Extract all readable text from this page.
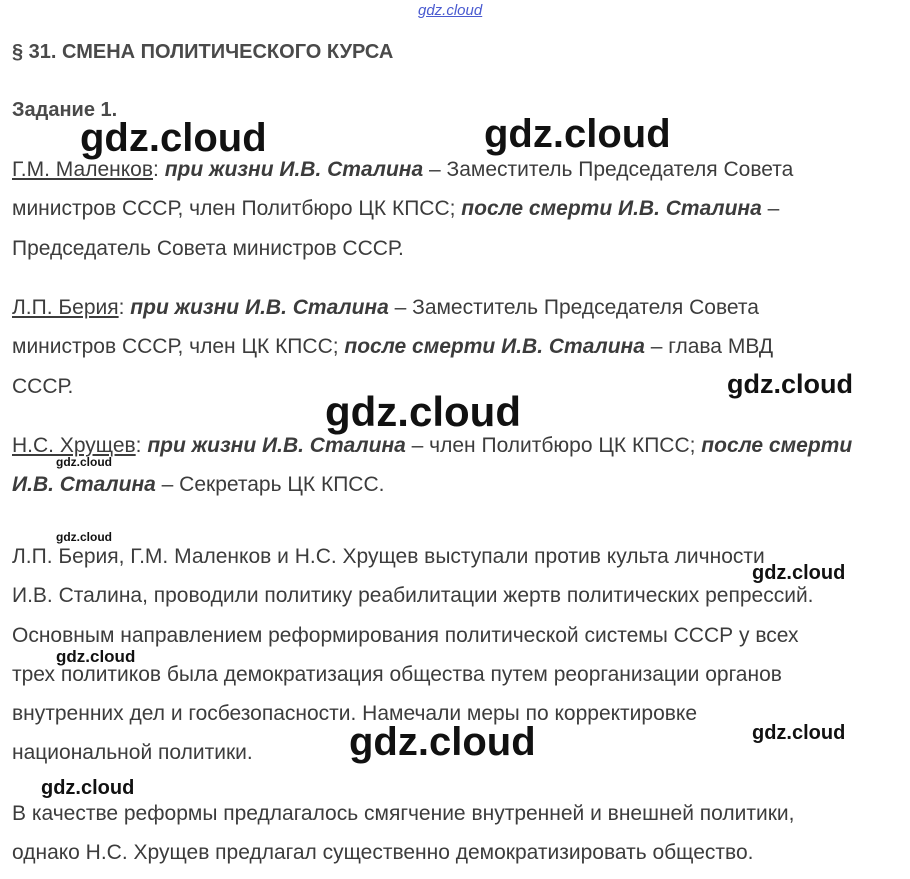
§ 31. СМЕНА ПОЛИТИЧЕСКОГО КУРСА
Задание 1.
Г.М. Маленков: при жизни И.В. Сталина – Заместитель Председателя Совета
министров СССР, член Политбюро ЦК КПСС; после смерти И.В. Сталина –
Председатель Совета министров СССР.
Л.П. Берия: при жизни И.В. Сталина – Заместитель Председателя Совета
министров СССР, член ЦК КПСС; после смерти И.В. Сталина – глава МВД
СССР.
Н.С. Хрущев: при жизни И.В. Сталина – член Политбюро ЦК КПСС; после смерти
И.В. Сталина – Секретарь ЦК КПСС.
Л.П. Берия, Г.М. Маленков и Н.С. Хрущев выступали против культа личности
И.В. Сталина, проводили политику реабилитации жертв политических репрессий.
Основным направлением реформирования политической системы СССР у всех
трех политиков была демократизация общества путем реорганизации органов
внутренних дел и госбезопасности. Намечали меры по корректировке
национальной политики.
В качестве реформы предлагалось смягчение внутренней и внешней политики,
однако Н.С. Хрущев предлагал существенно демократизировать общество.
gdz.cloud
gdz.cloud	gdz.cloud
gdz.cloud
gdz.cloud
gdz.cloud
gdz.cloud
gdz.cloud
gdz.cloud
gdz.cloud	gdz.cloud
gdz.cloud
